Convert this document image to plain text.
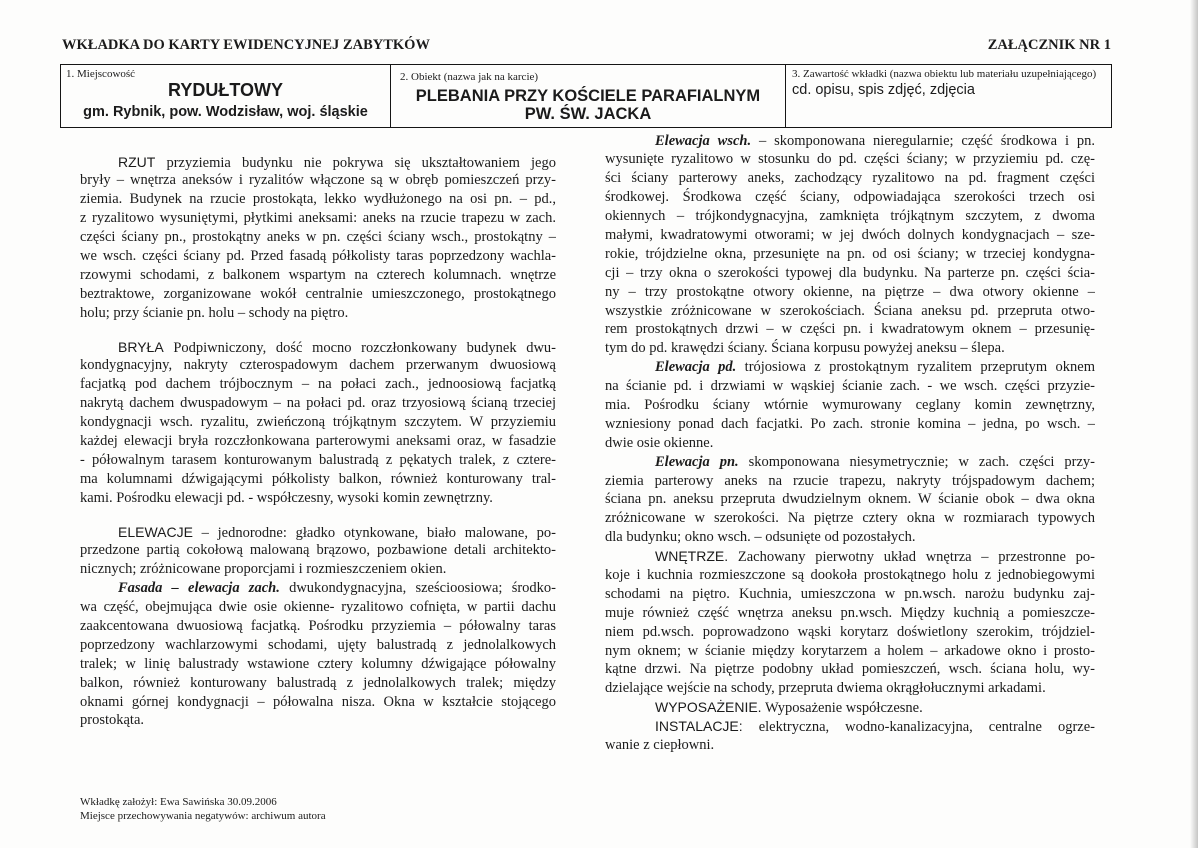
WKŁADKA DO KARTY EWIDENCYJNEJ ZABYTKÓW	ZAŁĄCZNIK NR 1
1. Miejscowość
RYDUŁTOWY
gm. Rybnik, pow. Wodzisław, woj. śląskie
2. Obiekt (nazwa jak na karcie)
PLEBANIA PRZY KOŚCIELE PARAFIALNYM
PW. ŚW. JACKA
3. Zawartość wkładki (nazwa obiektu lub materiału uzupełniającego)
cd. opisu, spis zdjęć, zdjęcia
RZUT przyziemia budynku nie pokrywa się ukształtowaniem jego
bryły – wnętrza aneksów i ryzalitów włączone są w obręb pomieszczeń przy-
ziemia. Budynek na rzucie prostokąta, lekko wydłużonego na osi pn. – pd.,
z ryzalitowo wysuniętymi, płytkimi aneksami: aneks na rzucie trapezu w zach.
części ściany pn., prostokątny aneks w pn. części ściany wsch., prostokątny –
we wsch. części ściany pd. Przed fasadą półkolisty taras poprzedzony wachla-
rzowymi schodami, z balkonem wspartym na czterech kolumnach. wnętrze
beztraktowe, zorganizowane wokół centralnie umieszczonego, prostokątnego
holu; przy ścianie pn. holu – schody na piętro.
BRYŁA Podpiwniczony, dość mocno rozczłonkowany budynek dwu-
kondygnacyjny, nakryty czterospadowym dachem przerwanym dwuosiową
facjatką pod dachem trójbocznym – na połaci zach., jednoosiową facjatką
nakrytą dachem dwuspadowym – na połaci pd. oraz trzyosiową ścianą trzeciej
kondygnacji wsch. ryzalitu, zwieńczoną trójkątnym szczytem. W przyziemiu
każdej elewacji bryła rozczłonkowana parterowymi aneksami oraz, w fasadzie
- półowalnym tarasem konturowanym balustradą z pękatych tralek, z cztere-
ma kolumnami dźwigającymi półkolisty balkon, również konturowany tral-
kami. Pośrodku elewacji pd. - współczesny, wysoki komin zewnętrzny.
ELEWACJE – jednorodne: gładko otynkowane, biało malowane, po-
przedzone partią cokołową malowaną brązowo, pozbawione detali architekto-
nicznych; zróżnicowane proporcjami i rozmieszczeniem okien.
Fasada – elewacja zach. dwukondygnacyjna, sześcioosiowa; środko-
wa część, obejmująca dwie osie okienne- ryzalitowo cofnięta, w partii dachu
zaakcentowana dwuosiową facjatką. Pośrodku przyziemia – półowalny taras
poprzedzony wachlarzowymi schodami, ujęty balustradą z jednolalkowych
tralek; w linię balustrady wstawione cztery kolumny dźwigające półowalny
balkon, również konturowany balustradą z jednolalkowych tralek; między
oknami górnej kondygnacji – półowalna nisza. Okna w kształcie stojącego
prostokąta.
Elewacja wsch. – skomponowana nieregularnie; część środkowa i pn.
wysunięte ryzalitowo w stosunku do pd. części ściany; w przyziemiu pd. czę-
ści ściany parterowy aneks, zachodzący ryzalitowo na pd. fragment części
środkowej. Środkowa część ściany, odpowiadająca szerokości trzech osi
okiennych – trójkondygnacyjna, zamknięta trójkątnym szczytem, z dwoma
małymi, kwadratowymi otworami; w jej dwóch dolnych kondygnacjach – sze-
rokie, trójdzielne okna, przesunięte na pn. od osi ściany; w trzeciej kondygna-
cji – trzy okna o szerokości typowej dla budynku. Na parterze pn. części ścia-
ny – trzy prostokątne otwory okienne, na piętrze – dwa otwory okienne –
wszystkie zróżnicowane w szerokościach. Ściana aneksu pd. przepruta otwo-
rem prostokątnych drzwi – w części pn. i kwadratowym oknem – przesunię-
tym do pd. krawędzi ściany. Ściana korpusu powyżej aneksu – ślepa.
Elewacja pd. trójosiowa z prostokątnym ryzalitem przeprutym oknem
na ścianie pd. i drzwiami w wąskiej ścianie zach. - we wsch. części przyzie-
mia. Pośrodku ściany wtórnie wymurowany ceglany komin zewnętrzny,
wzniesiony ponad dach facjatki. Po zach. stronie komina – jedna, po wsch. –
dwie osie okienne.
Elewacja pn. skomponowana niesymetrycznie; w zach. części przy-
ziemia parterowy aneks na rzucie trapezu, nakryty trójspadowym dachem;
ściana pn. aneksu przepruta dwudzielnym oknem. W ścianie obok – dwa okna
zróżnicowane w szerokości. Na piętrze cztery okna w rozmiarach typowych
dla budynku; okno wsch. – odsunięte od pozostałych.
WNĘTRZE. Zachowany pierwotny układ wnętrza – przestronne po-
koje i kuchnia rozmieszczone są dookoła prostokątnego holu z jednobiegowymi
schodami na piętro. Kuchnia, umieszczona w pn.wsch. narożu budynku zaj-
muje również część wnętrza aneksu pn.wsch. Między kuchnią a pomieszcze-
niem pd.wsch. poprowadzono wąski korytarz doświetlony szerokim, trójdziel-
nym oknem; w ścianie między korytarzem a holem – arkadowe okno i prosto-
kątne drzwi. Na piętrze podobny układ pomieszczeń, wsch. ściana holu, wy-
dzielające wejście na schody, przepruta dwiema okrągłołucznymi arkadami.
WYPOSAŻENIE. Wyposażenie współczesne.
INSTALACJE: elektryczna, wodno-kanalizacyjna, centralne ogrze-
wanie z ciepłowni.
Wkładkę założył: Ewa Sawińska 30.09.2006
Miejsce przechowywania negatywów: archiwum autora
